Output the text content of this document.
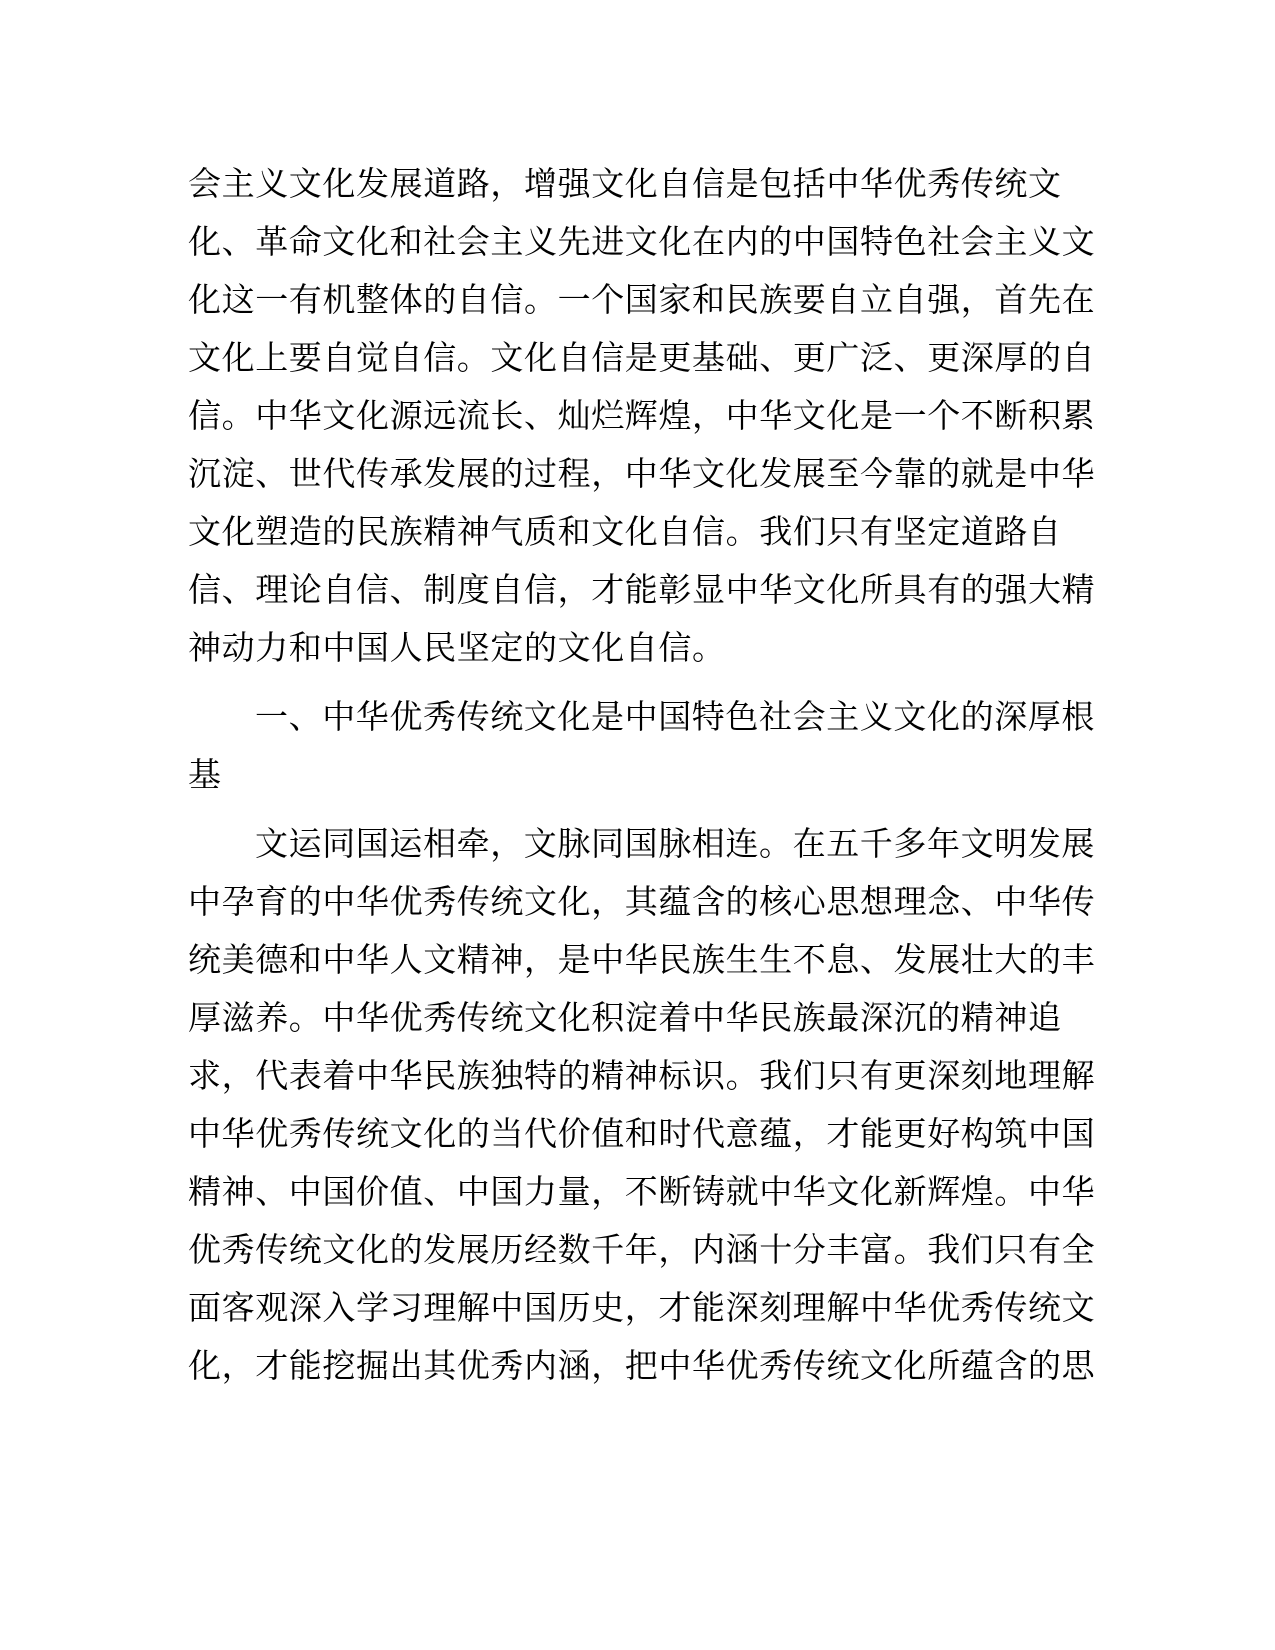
会主义文化发展道路，增强文化自信是包括中华优秀传统文
化、革命文化和社会主义先进文化在内的中国特色社会主义文
化这一有机整体的自信。一个国家和民族要自立自强，首先在
文化上要自觉自信。文化自信是更基础、更广泛、更深厚的自
信。中华文化源远流长、灿烂辉煌，中华文化是一个不断积累
沉淀、世代传承发展的过程，中华文化发展至今靠的就是中华
文化塑造的民族精神气质和文化自信。我们只有坚定道路自
信、理论自信、制度自信，才能彰显中华文化所具有的强大精
神动力和中国人民坚定的文化自信。
一、中华优秀传统文化是中国特色社会主义文化的深厚根
基
文运同国运相牵，文脉同国脉相连。在五千多年文明发展
中孕育的中华优秀传统文化，其蕴含的核心思想理念、中华传
统美德和中华人文精神，是中华民族生生不息、发展壮大的丰
厚滋养。中华优秀传统文化积淀着中华民族最深沉的精神追
求，代表着中华民族独特的精神标识。我们只有更深刻地理解
中华优秀传统文化的当代价值和时代意蕴，才能更好构筑中国
精神、中国价值、中国力量，不断铸就中华文化新辉煌。中华
优秀传统文化的发展历经数千年，内涵十分丰富。我们只有全
面客观深入学习理解中国历史，才能深刻理解中华优秀传统文
化，才能挖掘出其优秀内涵，把中华优秀传统文化所蕴含的思
